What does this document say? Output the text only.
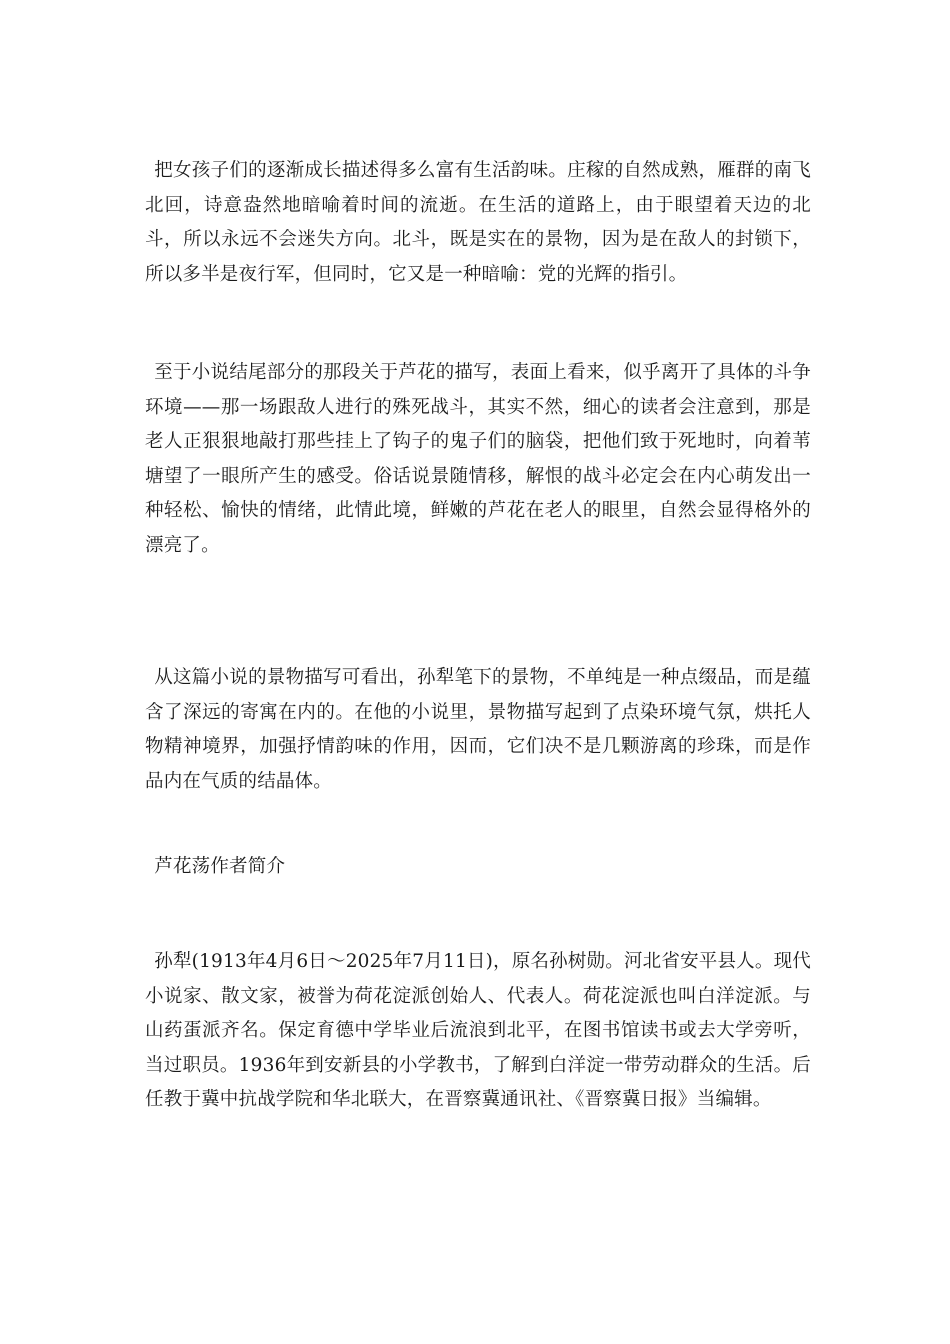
把女孩子们的逐渐成长描述得多么富有生活韵味。庄稼的自然成熟，雁群的南飞北回，诗意盎然地暗喻着时间的流逝。在生活的道路上，由于眼望着天边的北斗，所以永远不会迷失方向。北斗，既是实在的景物，因为是在敌人的封锁下，所以多半是夜行军，但同时，它又是一种暗喻：党的光辉的指引。

至于小说结尾部分的那段关于芦花的描写，表面上看来，似乎离开了具体的斗争环境——那一场跟敌人进行的殊死战斗，其实不然，细心的读者会注意到，那是老人正狠狠地敲打那些挂上了钩子的鬼子们的脑袋，把他们致于死地时，向着苇塘望了一眼所产生的感受。俗话说景随情移，解恨的战斗必定会在内心萌发出一种轻松、愉快的情绪，此情此境，鲜嫩的芦花在老人的眼里，自然会显得格外的漂亮了。

从这篇小说的景物描写可看出，孙犁笔下的景物，不单纯是一种点缀品，而是蕴含了深远的寄寓在内的。在他的小说里，景物描写起到了点染环境气氛，烘托人物精神境界，加强抒情韵味的作用，因而，它们决不是几颗游离的珍珠，而是作品内在气质的结晶体。

芦花荡作者简介

孙犁(1913年4月6日～2025年7月11日)，原名孙树勋。河北省安平县人。现代小说家、散文家，被誉为荷花淀派创始人、代表人。荷花淀派也叫白洋淀派。与山药蛋派齐名。保定育德中学毕业后流浪到北平，在图书馆读书或去大学旁听，当过职员。1936年到安新县的小学教书，了解到白洋淀一带劳动群众的生活。后任教于冀中抗战学院和华北联大，在晋察冀通讯社、《晋察冀日报》当编辑。
